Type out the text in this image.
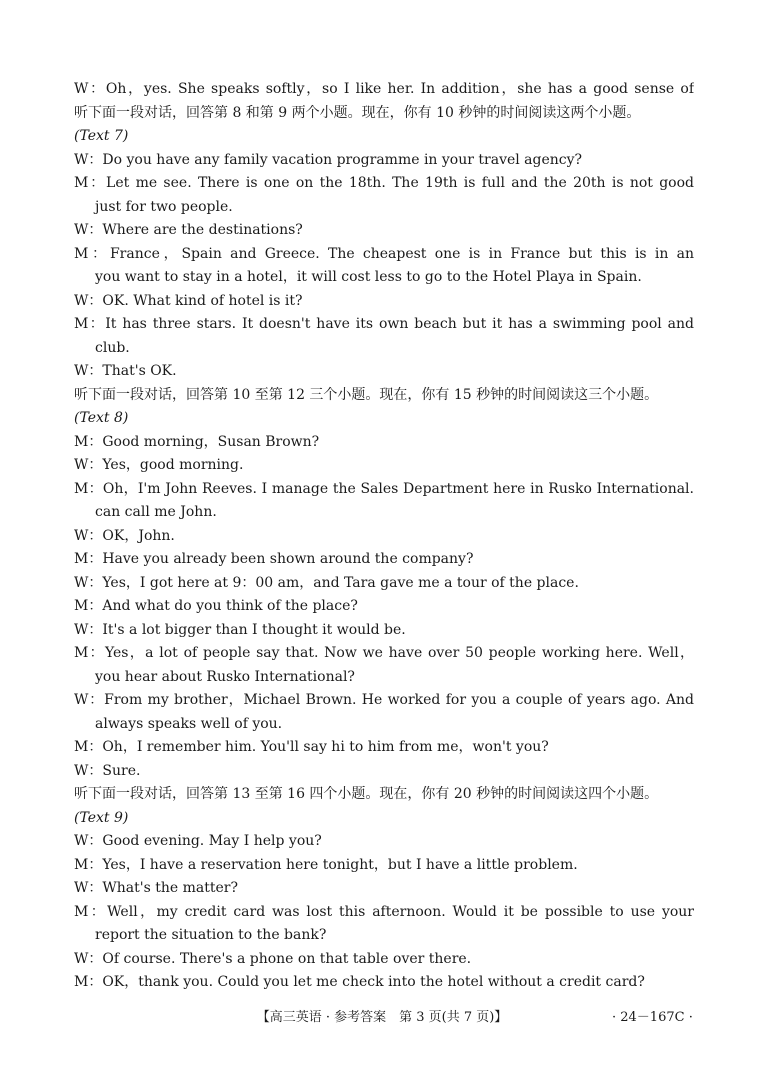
W：Oh，yes. She speaks softly，so I like her. In addition，she has a good sense of
听下面一段对话，回答第 8 和第 9 两个小题。现在，你有 10 秒钟的时间阅读这两个小题。
(Text 7)
W：Do you have any family vacation programme in your travel agency?
M：Let me see. There is one on the 18th. The 19th is full and the 20th is not good
just for two people.
W：Where are the destinations?
M：France，Spain and Greece. The cheapest one is in France but this is in an
you want to stay in a hotel，it will cost less to go to the Hotel Playa in Spain.
W：OK. What kind of hotel is it?
M：It has three stars. It doesn't have its own beach but it has a swimming pool and
club.
W：That's OK.
听下面一段对话，回答第 10 至第 12 三个小题。现在，你有 15 秒钟的时间阅读这三个小题。
(Text 8)
M：Good morning，Susan Brown?
W：Yes，good morning.
M：Oh，I'm John Reeves. I manage the Sales Department here in Rusko International.
can call me John.
W：OK，John.
M：Have you already been shown around the company?
W：Yes，I got here at 9：00 am，and Tara gave me a tour of the place.
M：And what do you think of the place?
W：It's a lot bigger than I thought it would be.
M：Yes，a lot of people say that. Now we have over 50 people working here. Well，
you hear about Rusko International?
W：From my brother，Michael Brown. He worked for you a couple of years ago. And
always speaks well of you.
M：Oh，I remember him. You'll say hi to him from me，won't you?
W：Sure.
听下面一段对话，回答第 13 至第 16 四个小题。现在，你有 20 秒钟的时间阅读这四个小题。
(Text 9)
W：Good evening. May I help you?
M：Yes，I have a reservation here tonight，but I have a little problem.
W：What's the matter?
M：Well，my credit card was lost this afternoon. Would it be possible to use your
report the situation to the bank?
W：Of course. There's a phone on that table over there.
M：OK，thank you. Could you let me check into the hotel without a credit card?
【高三英语 · 参考答案　第 3 页(共 7 页)】	· 24－167C ·
